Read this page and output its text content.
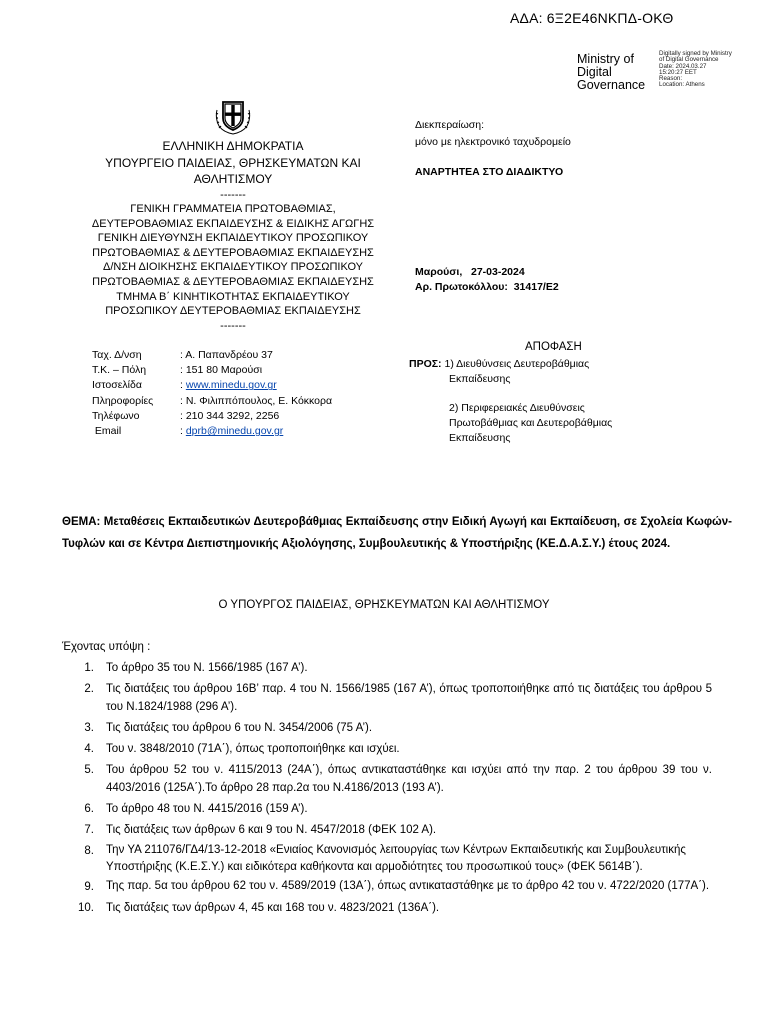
ΑΔΑ: 6Ξ2Ε46ΝΚΠΔ-ΟΚΘ
Ministry of
Digital
Governance
Digitally signed by Ministry
of Digital Governance
Date: 2024.03.27
15:20:27 EET
Reason:
Location: Athens
ΕΛΛΗΝΙΚΗ ΔΗΜΟΚΡΑΤΙΑ
ΥΠΟΥΡΓΕΙΟ ΠΑΙΔΕΙΑΣ, ΘΡΗΣΚΕΥΜΑΤΩΝ ΚΑΙ
ΑΘΛΗΤΙΣΜΟΥ
-------
ΓΕΝΙΚΗ ΓΡΑΜΜΑΤΕΙΑ ΠΡΩΤΟΒΑΘΜΙΑΣ,
ΔΕΥΤΕΡΟΒΑΘΜΙΑΣ ΕΚΠΑΙΔΕΥΣΗΣ & ΕΙΔΙΚΗΣ ΑΓΩΓΗΣ
ΓΕΝΙΚΗ ΔΙΕΥΘΥΝΣΗ ΕΚΠΑΙΔΕΥΤΙΚΟΥ ΠΡΟΣΩΠΙΚΟΥ
ΠΡΩΤΟΒΑΘΜΙΑΣ & ΔΕΥΤΕΡΟΒΑΘΜΙΑΣ ΕΚΠΑΙΔΕΥΣΗΣ
Δ/ΝΣΗ ΔΙΟΙΚΗΣΗΣ ΕΚΠΑΙΔΕΥΤΙΚΟΥ ΠΡΟΣΩΠΙΚΟΥ
ΠΡΩΤΟΒΑΘΜΙΑΣ & ΔΕΥΤΕΡΟΒΑΘΜΙΑΣ ΕΚΠΑΙΔΕΥΣΗΣ
ΤΜΗΜΑ Β΄ ΚΙΝΗΤΙΚΟΤΗΤΑΣ ΕΚΠΑΙΔΕΥΤΙΚΟΥ
ΠΡΟΣΩΠΙΚΟΥ ΔΕΥΤΕΡΟΒΑΘΜΙΑΣ ΕΚΠΑΙΔΕΥΣΗΣ
-------
Διεκπεραίωση:
μόνο με ηλεκτρονικό ταχυδρομείο
ΑΝΑΡΤΗΤΕΑ ΣΤΟ ΔΙΑΔΙΚΤΥΟ
Μαρούσι,   27-03-2024
Αρ. Πρωτοκόλλου:  31417/Ε2
Ταχ. Δ/νση	: Α. Παπανδρέου 37
Τ.Κ. – Πόλη	: 151 80 Μαρούσι
Ιστοσελίδα	: www.minedu.gov.gr
Πληροφορίες	: Ν. Φιλιππόπουλος, Ε. Κόκκορα
Τηλέφωνο	: 210 344 3292, 2256
Email	: dprb@minedu.gov.gr
ΑΠΟΦΑΣΗ
ΠΡΟΣ: 1) Διευθύνσεις Δευτεροβάθμιας
Εκπαίδευσης
2) Περιφερειακές Διευθύνσεις
Πρωτοβάθμιας και Δευτεροβάθμιας
Εκπαίδευσης
ΘΕΜΑ: Μεταθέσεις Εκπαιδευτικών Δευτεροβάθμιας Εκπαίδευσης στην Ειδική Αγωγή και Εκπαίδευση, σε Σχολεία Κωφών-Τυφλών και σε Κέντρα Διεπιστημονικής Αξιολόγησης, Συμβουλευτικής & Υποστήριξης (ΚΕ.Δ.Α.Σ.Υ.) έτους 2024.
Ο ΥΠΟΥΡΓΟΣ ΠΑΙΔΕΙΑΣ, ΘΡΗΣΚΕΥΜΑΤΩΝ ΚΑΙ ΑΘΛΗΤΙΣΜΟΥ
Έχοντας υπόψη :
1.	Το άρθρο 35 του Ν. 1566/1985 (167 Α’).
2.	Τις διατάξεις του άρθρου 16Β’ παρ. 4 του Ν. 1566/1985 (167 Α’), όπως τροποποιήθηκε από τις διατάξεις του άρθρου 5 του Ν.1824/1988 (296 Α’).
3.	Τις διατάξεις του άρθρου 6 του Ν. 3454/2006 (75 Α’).
4.	Του ν. 3848/2010 (71Α΄), όπως τροποποιήθηκε και ισχύει.
5.	Του άρθρου 52 του ν. 4115/2013 (24Α΄), όπως αντικαταστάθηκε και ισχύει από την παρ. 2 του άρθρου 39 του ν. 4403/2016 (125Α΄).Το άρθρο 28 παρ.2α του Ν.4186/2013 (193 Α’).
6.	Το άρθρο 48 του Ν. 4415/2016 (159 Α’).
7.	Τις διατάξεις των άρθρων 6 και 9 του Ν. 4547/2018 (ΦΕΚ 102 Α).
8.	Την ΥΑ 211076/ΓΔ4/13-12-2018 «Ενιαίος Κανονισμός λειτουργίας των Κέντρων Εκπαιδευτικής και Συμβουλευτικής Υποστήριξης (Κ.Ε.Σ.Υ.) και ειδικότερα καθήκοντα και αρμοδιότητες του προσωπικού τους» (ΦΕΚ 5614Β΄).
9.	Της παρ. 5α του άρθρου 62 του ν. 4589/2019 (13Α΄), όπως αντικαταστάθηκε με το άρθρο 42 του ν. 4722/2020 (177Α΄).
10.	Τις διατάξεις των άρθρων 4, 45 και 168 του ν. 4823/2021 (136Α΄).
